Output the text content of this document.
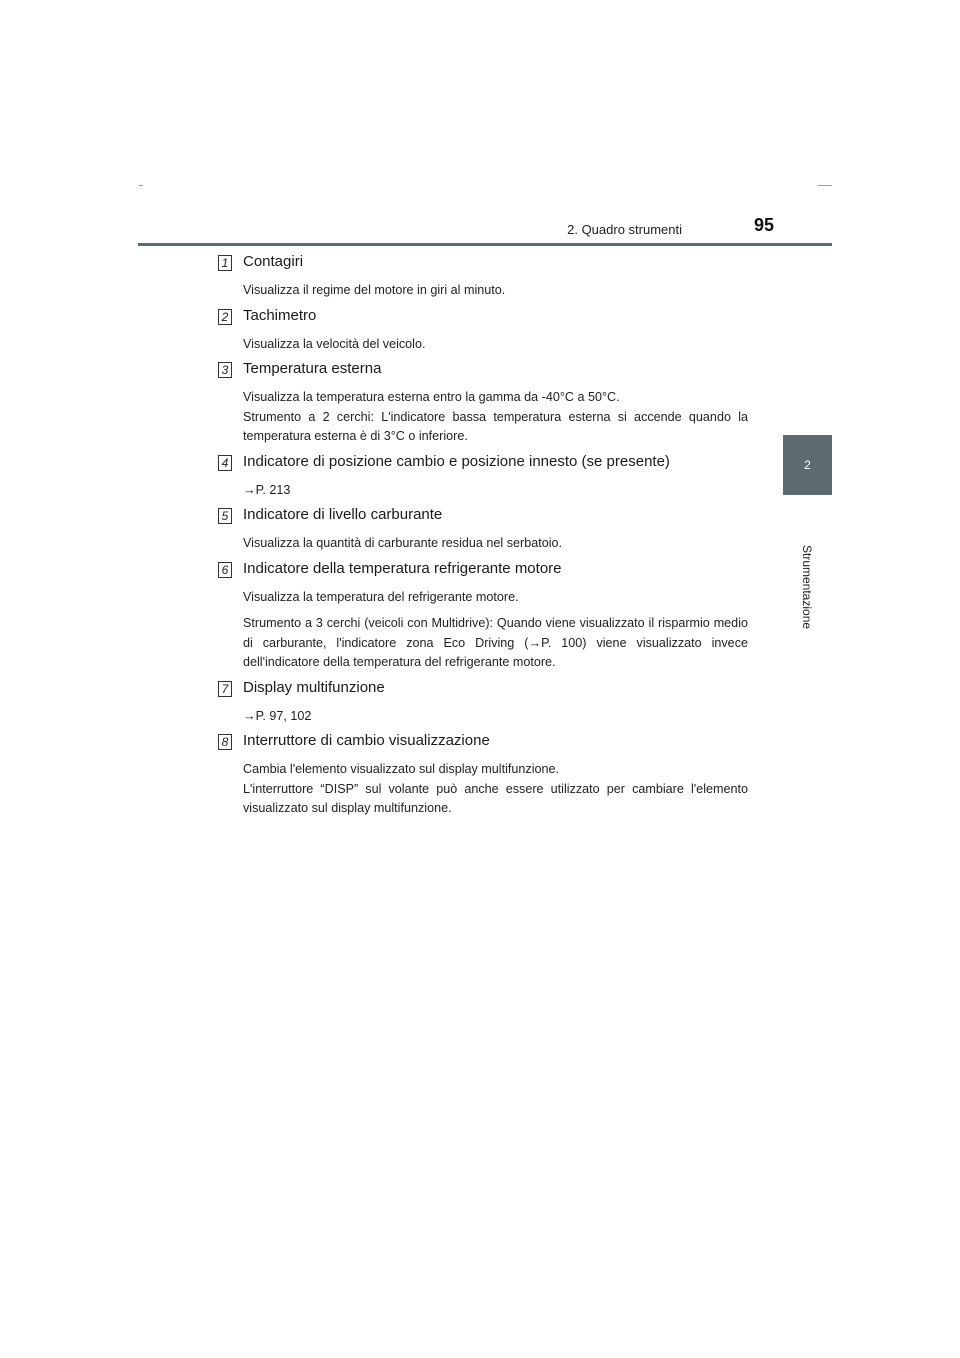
2. Quadro strumenti	95
2
Strumentazione
1 Contagiri

Visualizza il regime del motore in giri al minuto.

2 Tachimetro

Visualizza la velocità del veicolo.

3 Temperatura esterna

Visualizza la temperatura esterna entro la gamma da -40°C a 50°C.

Strumento a 2 cerchi: L'indicatore bassa temperatura esterna si accende quando la temperatura esterna è di 3°C o inferiore.

4 Indicatore di posizione cambio e posizione innesto (se presente)

→P. 213

5 Indicatore di livello carburante

Visualizza la quantità di carburante residua nel serbatoio.

6 Indicatore della temperatura refrigerante motore

Visualizza la temperatura del refrigerante motore.

Strumento a 3 cerchi (veicoli con Multidrive): Quando viene visualizzato il risparmio medio di carburante, l'indicatore zona Eco Driving (→P. 100) viene visualizzato invece dell'indicatore della temperatura del refrigerante motore.

7 Display multifunzione

→P. 97, 102

8 Interruttore di cambio visualizzazione

Cambia l'elemento visualizzato sul display multifunzione.

L'interruttore “DISP” sul volante può anche essere utilizzato per cambiare l'elemento visualizzato sul display multifunzione.
